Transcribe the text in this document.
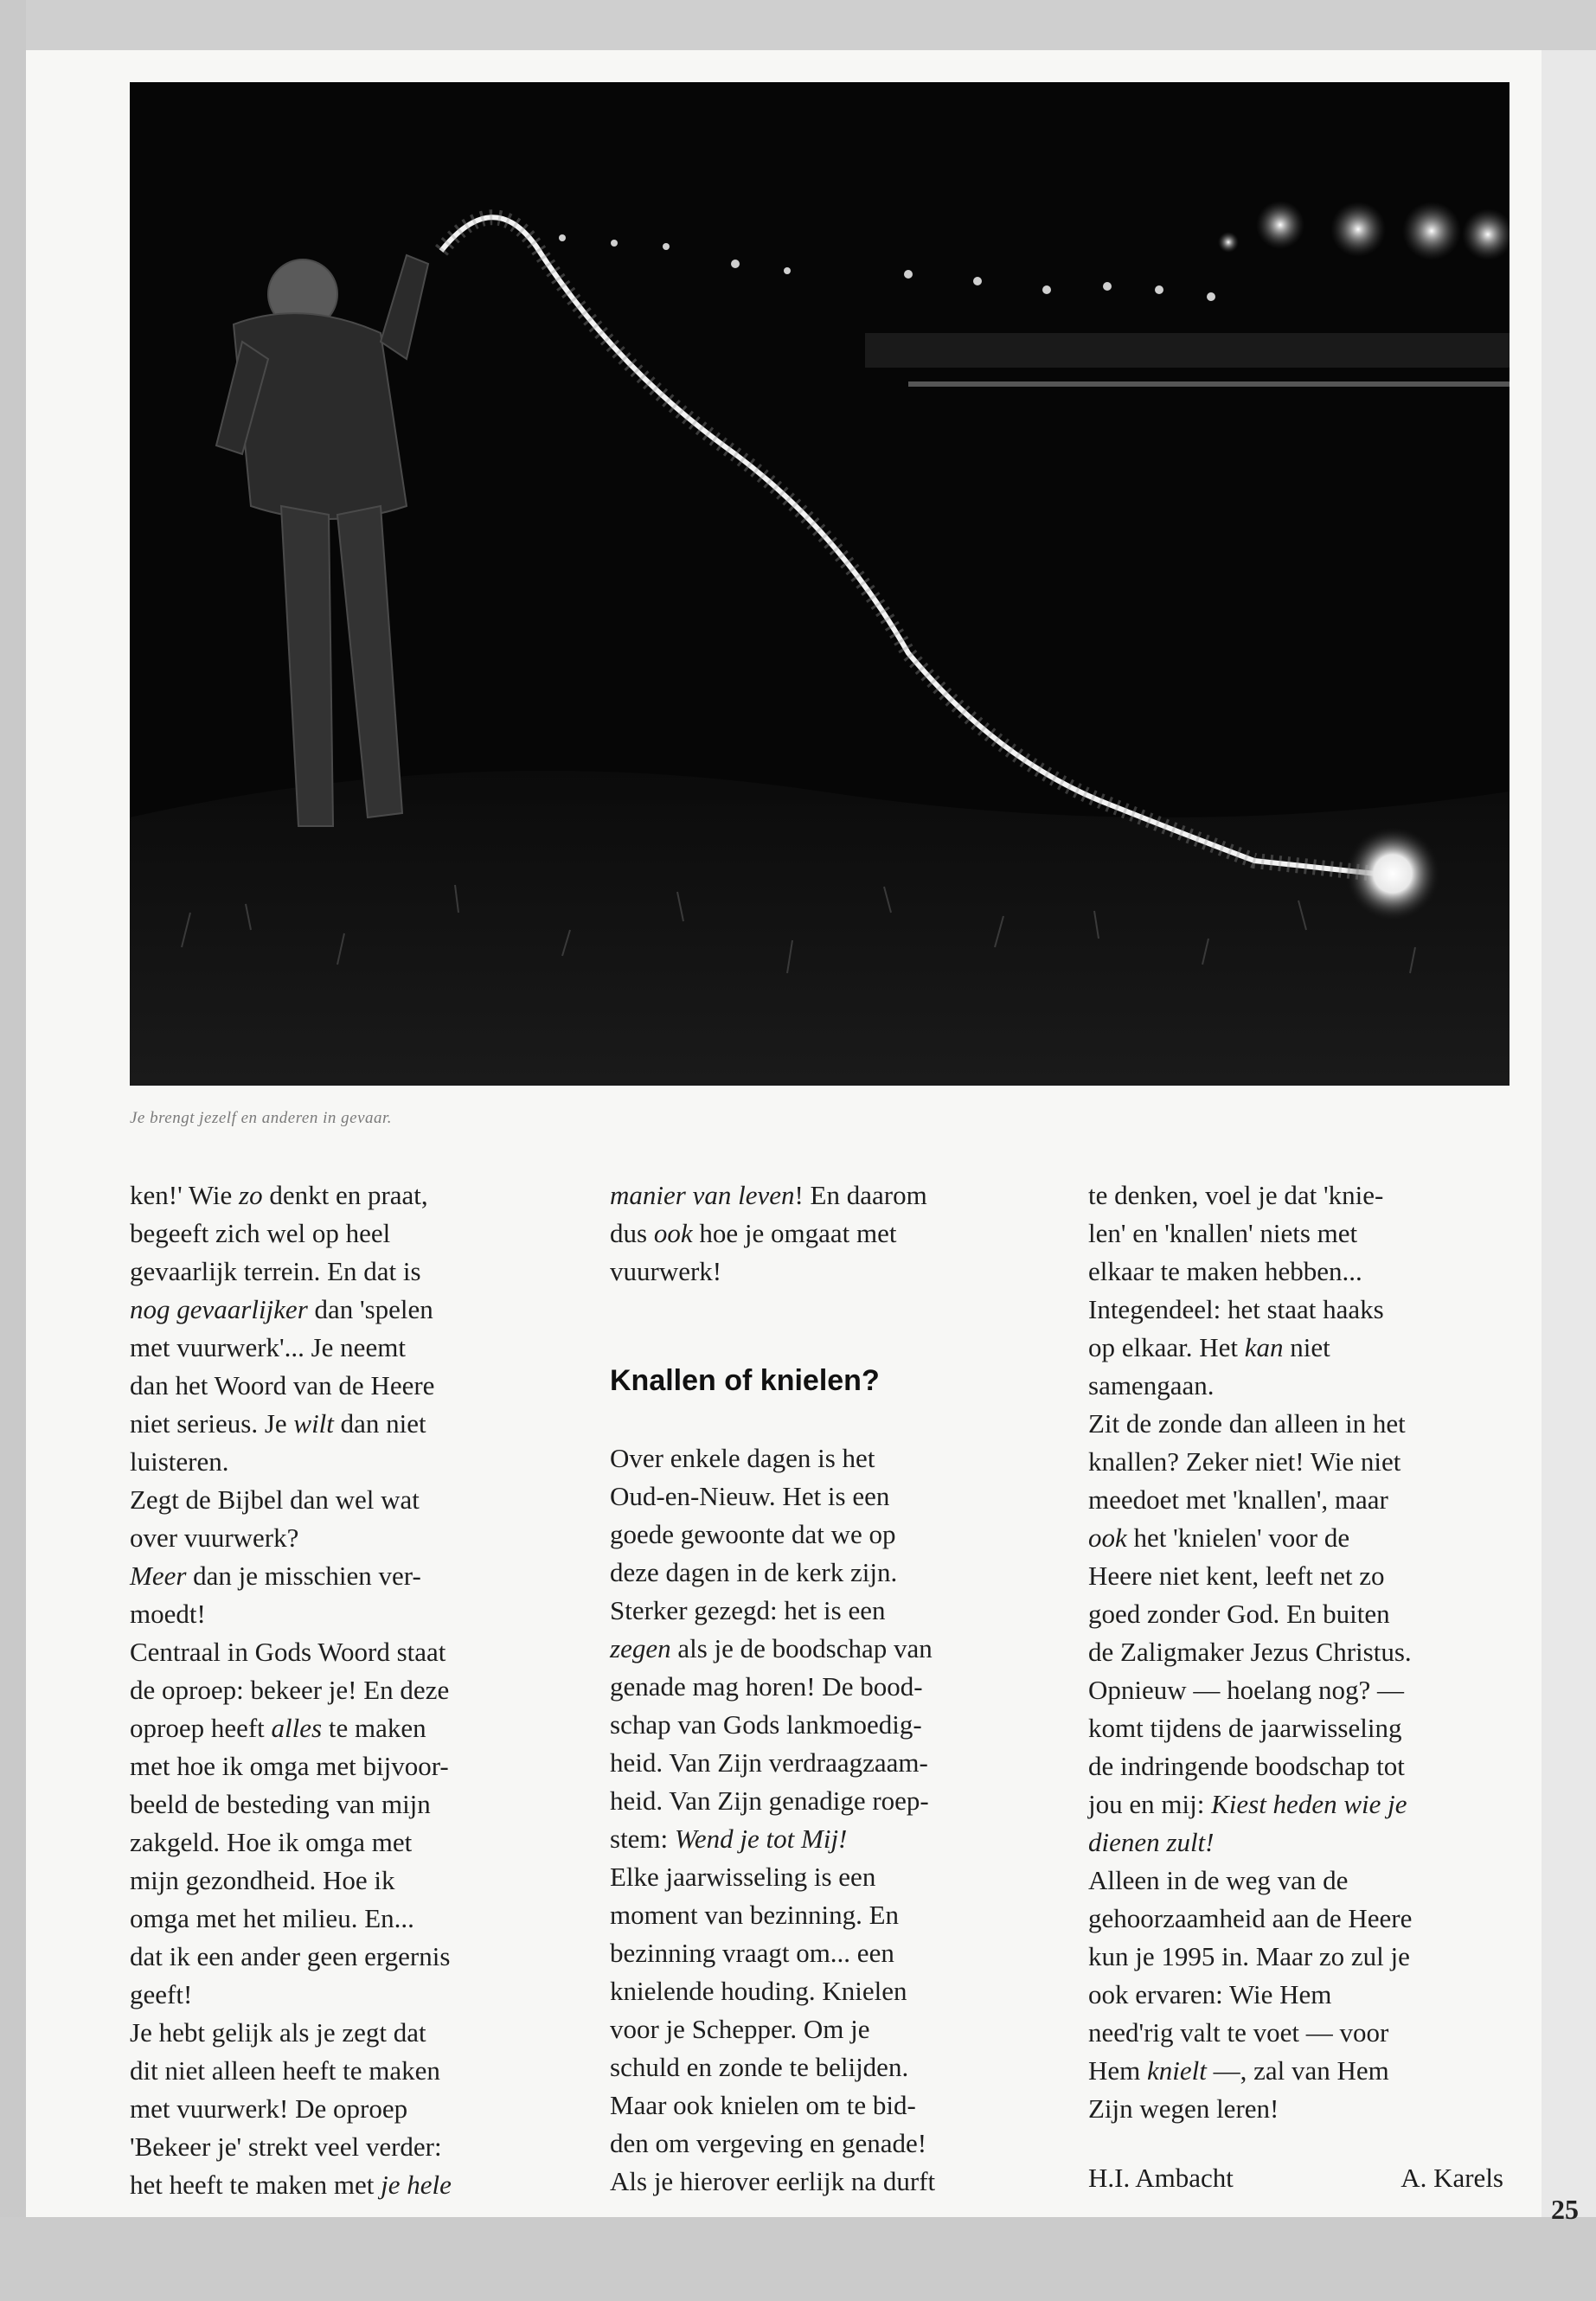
Je brengt jezelf en anderen in gevaar.

ken!' Wie zo denkt en praat,

begeeft zich wel op heel

gevaarlijk terrein. En dat is

nog gevaarlijker dan 'spelen

met vuurwerk'... Je neemt

dan het Woord van de Heere

niet serieus. Je wilt dan niet

luisteren.

Zegt de Bijbel dan wel wat

over vuurwerk?

Meer dan je misschien ver-

moedt!

Centraal in Gods Woord staat

de oproep: bekeer je! En deze

oproep heeft alles te maken

met hoe ik omga met bijvoor-

beeld de besteding van mijn

zakgeld. Hoe ik omga met

mijn gezondheid. Hoe ik

omga met het milieu. En...

dat ik een ander geen ergernis

geeft!

Je hebt gelijk als je zegt dat

dit niet alleen heeft te maken

met vuurwerk! De oproep

'Bekeer je' strekt veel verder:

het heeft te maken met je hele

manier van leven! En daarom

dus ook hoe je omgaat met

vuurwerk!

Knallen of knielen?

Over enkele dagen is het

Oud-en-Nieuw. Het is een

goede gewoonte dat we op

deze dagen in de kerk zijn.

Sterker gezegd: het is een

zegen als je de boodschap van

genade mag horen! De bood-

schap van Gods lankmoedig-

heid. Van Zijn verdraagzaam-

heid. Van Zijn genadige roep-

stem: Wend je tot Mij!

Elke jaarwisseling is een

moment van bezinning. En

bezinning vraagt om... een

knielende houding. Knielen

voor je Schepper. Om je

schuld en zonde te belijden.

Maar ook knielen om te bid-

den om vergeving en genade!

Als je hierover eerlijk na durft

te denken, voel je dat 'knie-

len' en 'knallen' niets met

elkaar te maken hebben...

Integendeel: het staat haaks

op elkaar. Het kan niet

samengaan.

Zit de zonde dan alleen in het

knallen? Zeker niet! Wie niet

meedoet met 'knallen', maar

ook het 'knielen' voor de

Heere niet kent, leeft net zo

goed zonder God. En buiten

de Zaligmaker Jezus Christus.

Opnieuw — hoelang nog? —

komt tijdens de jaarwisseling

de indringende boodschap tot

jou en mij: Kiest heden wie je

dienen zult!

Alleen in de weg van de

gehoorzaamheid aan de Heere

kun je 1995 in. Maar zo zul je

ook ervaren: Wie Hem

need'rig valt te voet — voor

Hem knielt —, zal van Hem

Zijn wegen leren!

H.I. Ambacht	A. Karels
25
